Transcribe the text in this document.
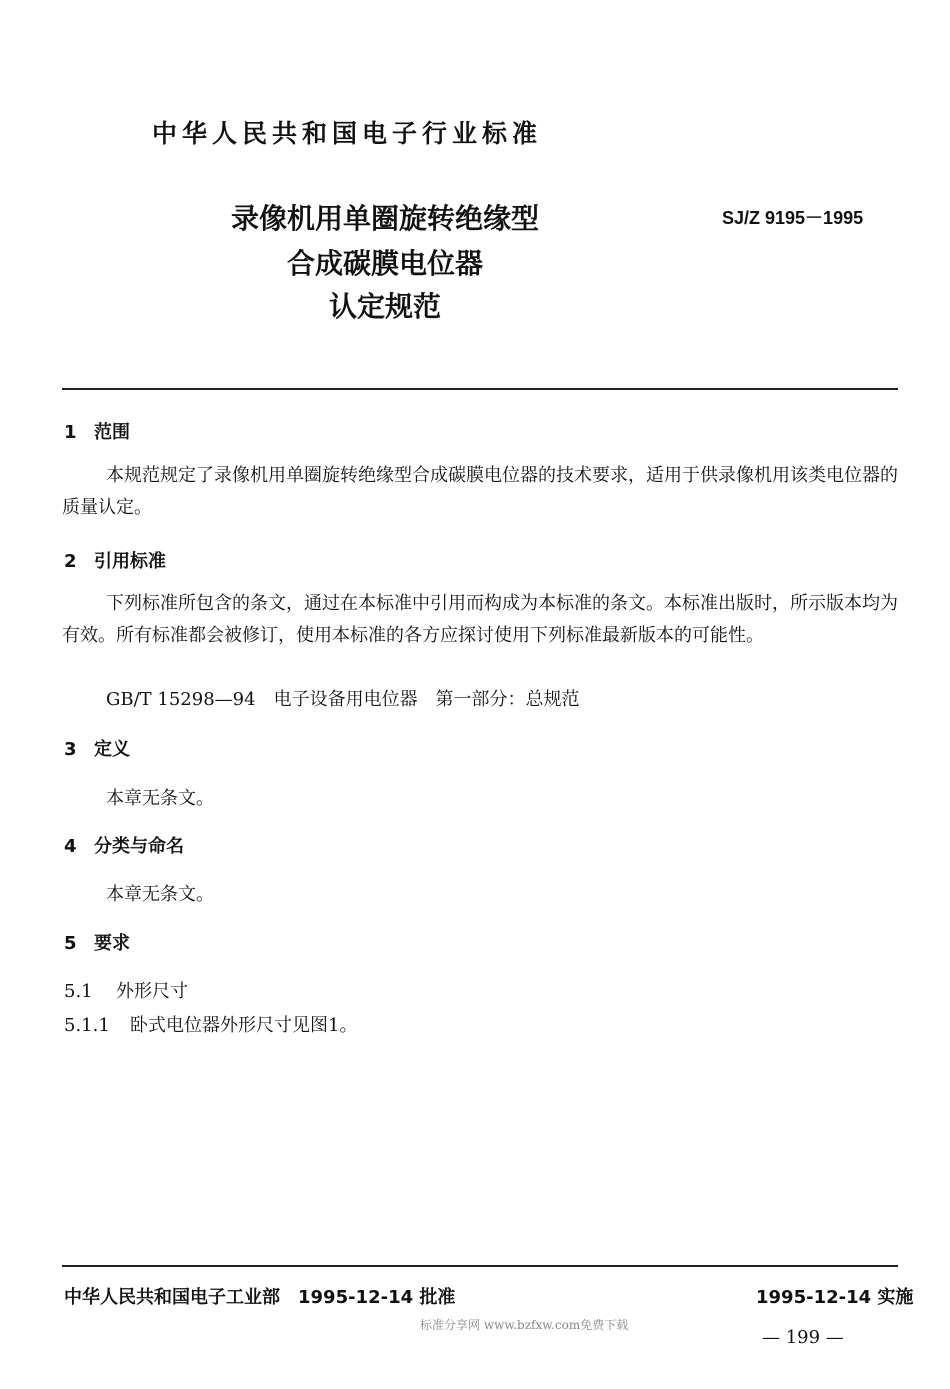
中华人民共和国电子行业标准
录像机用单圈旋转绝缘型
合成碳膜电位器
认定规范
SJ/Z 9195－1995
1 范围
本规范规定了录像机用单圈旋转绝缘型合成碳膜电位器的技术要求，适用于供录像机用该类电位器的质量认定。
2 引用标准
下列标准所包含的条文，通过在本标准中引用而构成为本标准的条文。本标准出版时，所示版本均为有效。所有标准都会被修订，使用本标准的各方应探讨使用下列标准最新版本的可能性。
GB/T 15298—94　电子设备用电位器　第一部分：总规范
3 定义
本章无条文。
4 分类与命名
本章无条文。
5 要求
5.1 外形尺寸
5.1.1 卧式电位器外形尺寸见图1。
中华人民共和国电子工业部　1995-12-14 批准	1995-12-14 实施
标准分享网 www.bzfxw.com免费下载
— 199 —
